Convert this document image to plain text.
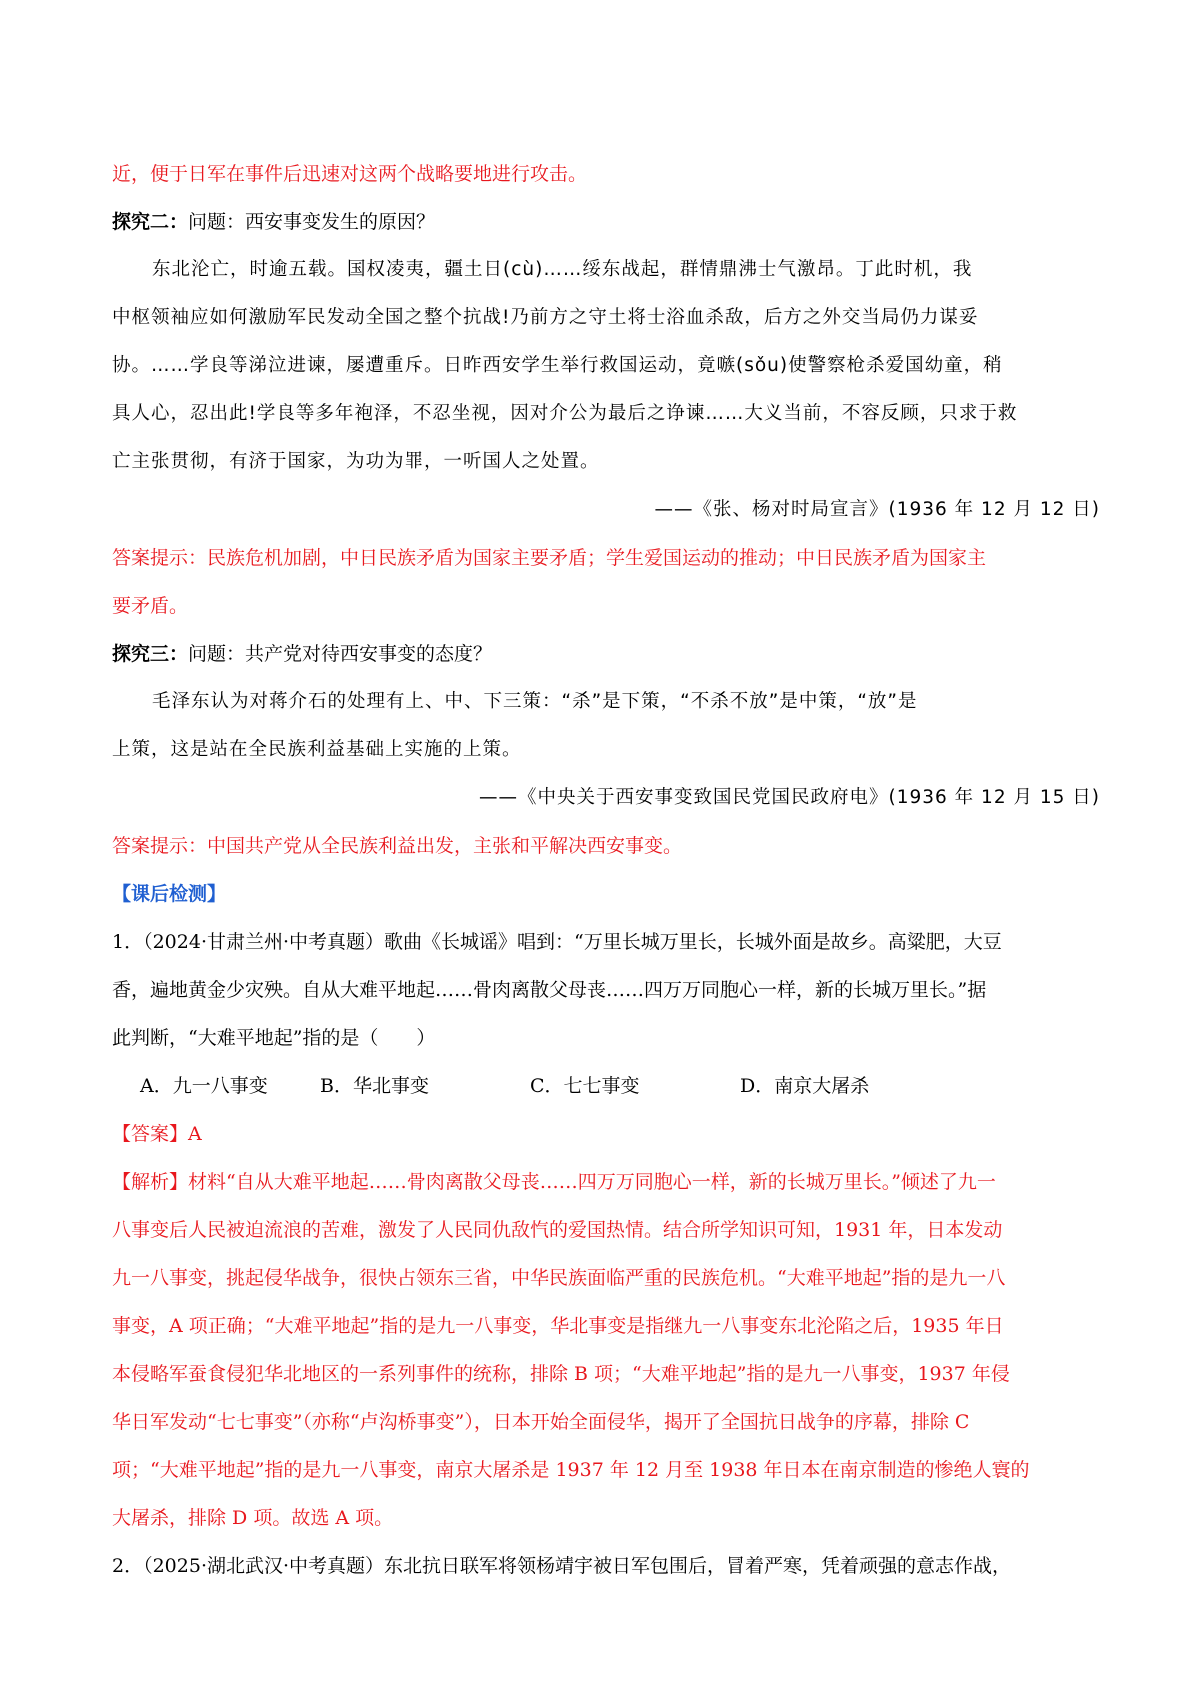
近，便于日军在事件后迅速对这两个战略要地进行攻击。
探究二：问题：西安事变发生的原因？
东北沦亡，时逾五载。国权凌夷，疆土日(cù)……绥东战起，群情鼎沸士气激昂。丁此时机，我
中枢领袖应如何激励军民发动全国之整个抗战!乃前方之守土将士浴血杀敌，后方之外交当局仍力谋妥
协。……学良等涕泣进谏，屡遭重斥。日昨西安学生举行救国运动，竟嗾(sǒu)使警察枪杀爱国幼童，稍
具人心，忍出此!学良等多年袍泽，不忍坐视，因对介公为最后之诤谏……大义当前，不容反顾，只求于救
亡主张贯彻，有济于国家，为功为罪，一听国人之处置。
——《张、杨对时局宣言》(1936 年 12 月 12 日)
答案提示：民族危机加剧，中日民族矛盾为国家主要矛盾；学生爱国运动的推动；中日民族矛盾为国家主
要矛盾。
探究三：问题：共产党对待西安事变的态度？
毛泽东认为对蒋介石的处理有上、中、下三策：“杀”是下策，“不杀不放”是中策，“放”是
上策，这是站在全民族利益基础上实施的上策。
——《中央关于西安事变致国民党国民政府电》(1936 年 12 月 15 日)
答案提示：中国共产党从全民族利益出发，主张和平解决西安事变。
【课后检测】
1．（2024·甘肃兰州·中考真题）歌曲《长城谣》唱到：“万里长城万里长，长城外面是故乡。高粱肥，大豆
香，遍地黄金少灾殃。自从大难平地起……骨肉离散父母丧……四万万同胞心一样，新的长城万里长。”据
此判断，“大难平地起”指的是（　　）
A．九一八事变	B．华北事变	C．七七事变	D．南京大屠杀
【答案】A
【解析】材料“自从大难平地起……骨肉离散父母丧……四万万同胞心一样，新的长城万里长。”倾述了九一
八事变后人民被迫流浪的苦难，激发了人民同仇敌忾的爱国热情。结合所学知识可知，1931 年，日本发动
九一八事变，挑起侵华战争，很快占领东三省，中华民族面临严重的民族危机。“大难平地起”指的是九一八
事变，A 项正确；“大难平地起”指的是九一八事变，华北事变是指继九一八事变东北沦陷之后，1935 年日
本侵略军蚕食侵犯华北地区的一系列事件的统称，排除 B 项；“大难平地起”指的是九一八事变，1937 年侵
华日军发动“七七事变”（亦称“卢沟桥事变”），日本开始全面侵华，揭开了全国抗日战争的序幕，排除 C
项；“大难平地起”指的是九一八事变，南京大屠杀是 1937 年 12 月至 1938 年日本在南京制造的惨绝人寰的
大屠杀，排除 D 项。故选 A 项。
2．（2025·湖北武汉·中考真题）东北抗日联军将领杨靖宇被日军包围后，冒着严寒，凭着顽强的意志作战，
